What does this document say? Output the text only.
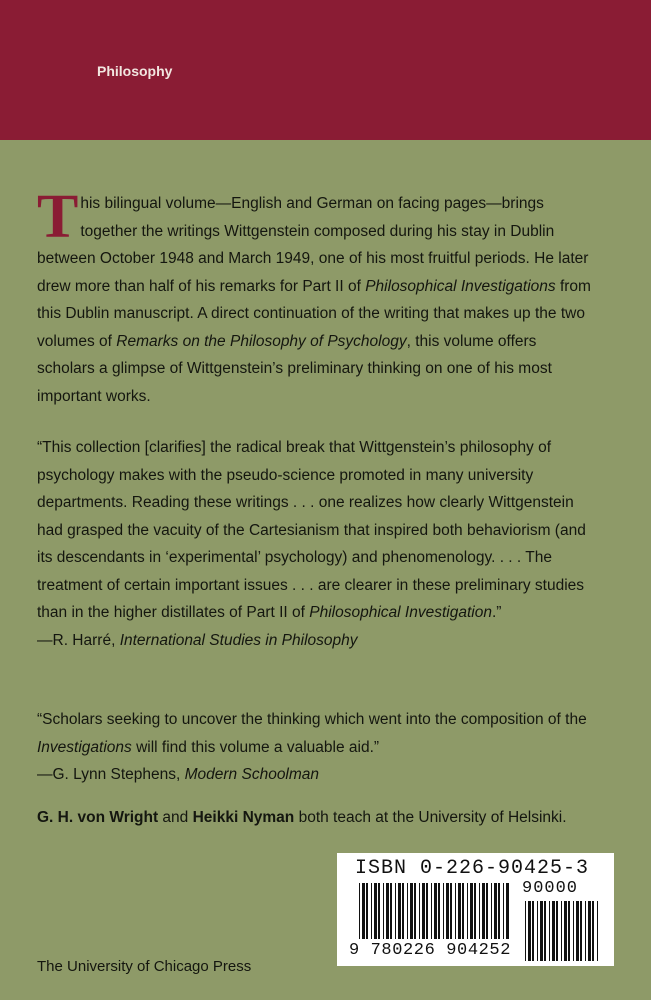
Philosophy
This bilingual volume—English and German on facing pages—brings together the writings Wittgenstein composed during his stay in Dublin between October 1948 and March 1949, one of his most fruitful periods. He later drew more than half of his remarks for Part II of Philosophical Investigations from this Dublin manuscript. A direct continuation of the writing that makes up the two volumes of Remarks on the Philosophy of Psychology, this volume offers scholars a glimpse of Wittgenstein’s preliminary thinking on one of his most important works.
“This collection [clarifies] the radical break that Wittgenstein’s philosophy of psychology makes with the pseudo-science promoted in many university departments. Reading these writings . . . one realizes how clearly Wittgenstein had grasped the vacuity of the Cartesianism that inspired both behaviorism (and its descendants in ‘experimental’ psychology) and phenomenology. . . . The treatment of certain important issues . . . are clearer in these preliminary studies than in the higher distillates of Part II of Philosophical Investigation.”
—R. Harré, International Studies in Philosophy
“Scholars seeking to uncover the thinking which went into the composition of the Investigations will find this volume a valuable aid.”
—G. Lynn Stephens, Modern Schoolman
G. H. von Wright and Heikki Nyman both teach at the University of Helsinki.
The University of Chicago Press
ISBN 0-226-90425-3
90000
9 780226 904252
